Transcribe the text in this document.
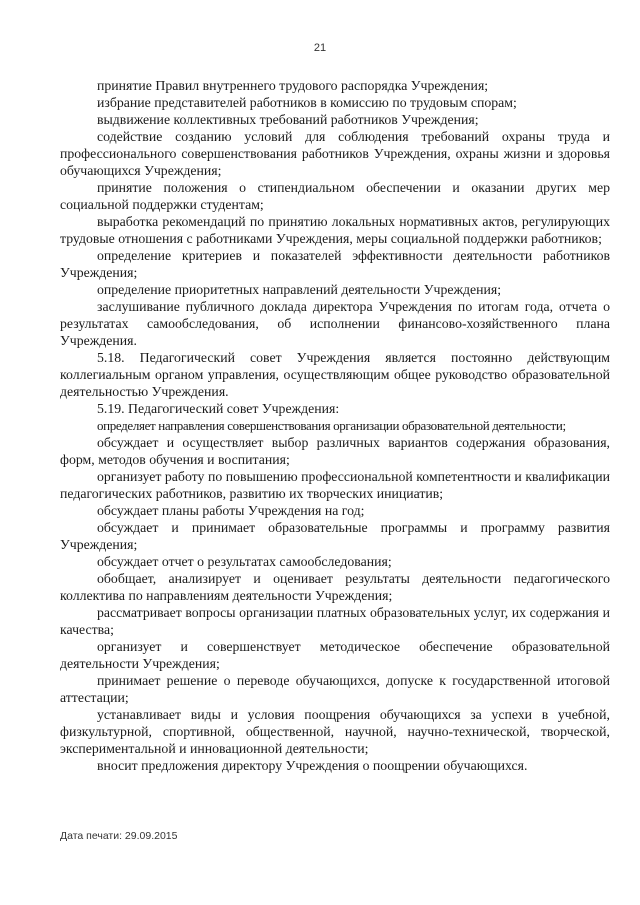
21

принятие Правил внутреннего трудового распорядка Учреждения;

избрание представителей работников в комиссию по трудовым спорам;

выдвижение коллективных требований работников Учреждения;

содействие созданию условий для соблюдения требований охраны труда и профессионального совершенствования работников Учреждения, охраны жизни и здоровья обучающихся Учреждения;

принятие положения о стипендиальном обеспечении и оказании других мер социальной поддержки студентам;

выработка рекомендаций по принятию локальных нормативных актов, регулирующих трудовые отношения с работниками Учреждения, меры социальной поддержки работников;

определение критериев и показателей эффективности деятельности работников Учреждения;

определение приоритетных направлений деятельности Учреждения;

заслушивание публичного доклада директора Учреждения по итогам года, отчета о результатах самообследования, об исполнении финансово-хозяйственного плана Учреждения.

5.18. Педагогический совет Учреждения является постоянно действующим коллегиальным органом управления, осуществляющим общее руководство образовательной деятельностью Учреждения.

5.19. Педагогический совет Учреждения:

определяет направления совершенствования организации образовательной деятельности;

обсуждает и осуществляет выбор различных вариантов содержания образования, форм, методов обучения и воспитания;

организует работу по повышению профессиональной компетентности и квалификации педагогических работников, развитию их творческих инициатив;

обсуждает планы работы Учреждения на год;

обсуждает и принимает образовательные программы и программу развития Учреждения;

обсуждает отчет о результатах самообследования;

обобщает, анализирует и оценивает результаты деятельности педагогического коллектива по направлениям деятельности Учреждения;

рассматривает вопросы организации платных образовательных услуг, их содержания и качества;

организует и совершенствует методическое обеспечение образовательной деятельности Учреждения;

принимает решение о переводе обучающихся, допуске к государственной итоговой аттестации;

устанавливает виды и условия поощрения обучающихся за успехи в учебной, физкультурной, спортивной, общественной, научной, научно-технической, творческой, экспериментальной и инновационной деятельности;

вносит предложения директору Учреждения о поощрении обучающихся.

Дата печати: 29.09.2015
